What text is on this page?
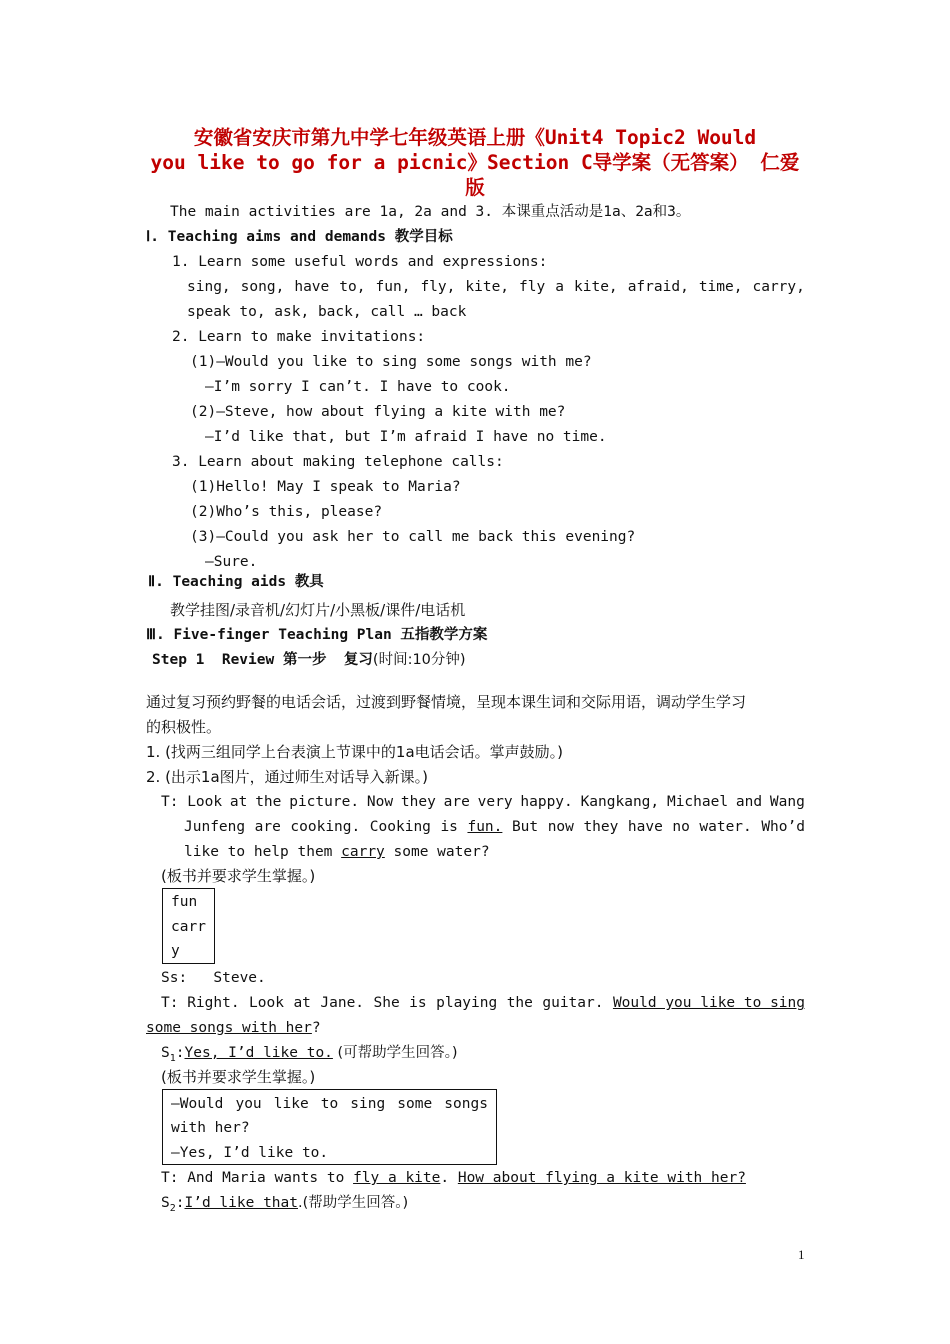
安徽省安庆市第九中学七年级英语上册《Unit4 Topic2 Would
you like to go for a picnic》Section C导学案（无答案） 仁爱
版
The main activities are 1a, 2a and 3. 本课重点活动是1a、2a和3。
Ⅰ. Teaching aims and demands 教学目标
1. Learn some useful words and expressions:
sing, song, have to, fun, fly, kite, fly a kite, afraid, time, carry,
speak to, ask, back, call … back
2. Learn to make invitations:
(1)—Would you like to sing some songs with me?
—I’m sorry I can’t. I have to cook.
(2)—Steve, how about flying a kite with me?
—I’d like that, but I’m afraid I have no time.
3. Learn about making telephone calls:
(1)Hello! May I speak to Maria?
(2)Who’s this, please?
(3)—Could you ask her to call me back this evening?
—Sure.
Ⅱ. Teaching aids 教具
教学挂图/录音机/幻灯片/小黑板/课件/电话机
Ⅲ. Five-finger Teaching Plan 五指教学方案
Step 1  Review 第一步  复习(时间:10分钟)
通过复习预约野餐的电话会话，过渡到野餐情境，呈现本课生词和交际用语，调动学生学习
的积极性。
1. (找两三组同学上台表演上节课中的1a电话会话。掌声鼓励。)
2. (出示1a图片，通过师生对话导入新课。)
T: Look at the picture. Now they are very happy. Kangkang, Michael and Wang
Junfeng are cooking. Cooking is fun. But now they have no water. Who’d
like to help them carry some water?
(板书并要求学生掌握。)
fun
carr
y
Ss:   Steve.
T: Right. Look at Jane. She is playing the guitar. Would you like to sing
some songs with her?
$S_1:Yes$, I’d like to. (可帮助学生回答。)
(板书并要求学生掌握。)
—Would you like to sing some songs
with her?
—Yes, I’d like to.
T: And Maria wants to fly a kite. How about flying a kite with her?
$S_2:I’d$ like that.(帮助学生回答。)
1
